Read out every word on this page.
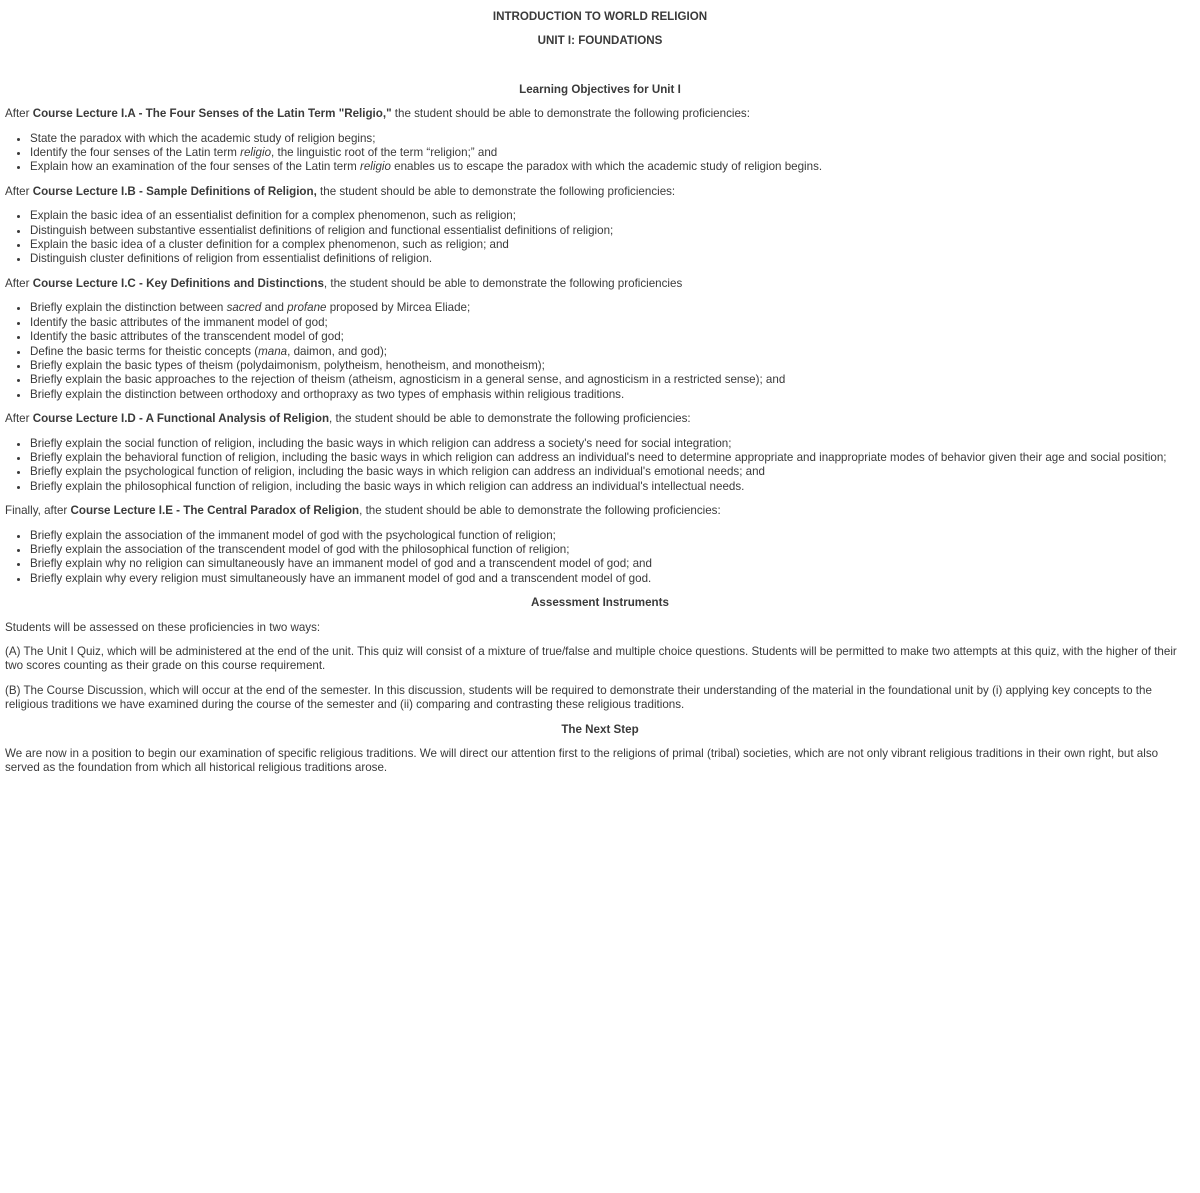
INTRODUCTION TO WORLD RELIGION

UNIT I: FOUNDATIONS

Learning Objectives for Unit I

After Course Lecture I.A - The Four Senses of the Latin Term "Religio," the student should be able to demonstrate the following proficiencies:

• State the paradox with which the academic study of religion begins;
• Identify the four senses of the Latin term religio, the linguistic root of the term “religion;” and
• Explain how an examination of the four senses of the Latin term religio enables us to escape the paradox with which the academic study of religion begins.

After Course Lecture I.B - Sample Definitions of Religion, the student should be able to demonstrate the following proficiencies:

• Explain the basic idea of an essentialist definition for a complex phenomenon, such as religion;
• Distinguish between substantive essentialist definitions of religion and functional essentialist definitions of religion;
• Explain the basic idea of a cluster definition for a complex phenomenon, such as religion; and
• Distinguish cluster definitions of religion from essentialist definitions of religion.

After Course Lecture I.C - Key Definitions and Distinctions, the student should be able to demonstrate the following proficiencies

• Briefly explain the distinction between sacred and profane proposed by Mircea Eliade;
• Identify the basic attributes of the immanent model of god;
• Identify the basic attributes of the transcendent model of god;
• Define the basic terms for theistic concepts (mana, daimon, and god);
• Briefly explain the basic types of theism (polydaimonism, polytheism, henotheism, and monotheism);
• Briefly explain the basic approaches to the rejection of theism (atheism, agnosticism in a general sense, and agnosticism in a restricted sense); and
• Briefly explain the distinction between orthodoxy and orthopraxy as two types of emphasis within religious traditions.

After Course Lecture I.D - A Functional Analysis of Religion, the student should be able to demonstrate the following proficiencies:

• Briefly explain the social function of religion, including the basic ways in which religion can address a society's need for social integration;
• Briefly explain the behavioral function of religion, including the basic ways in which religion can address an individual's need to determine appropriate and inappropriate modes of behavior given their age and social position;
• Briefly explain the psychological function of religion, including the basic ways in which religion can address an individual's emotional needs; and
• Briefly explain the philosophical function of religion, including the basic ways in which religion can address an individual's intellectual needs.

Finally, after Course Lecture I.E - The Central Paradox of Religion, the student should be able to demonstrate the following proficiencies:

• Briefly explain the association of the immanent model of god with the psychological function of religion;
• Briefly explain the association of the transcendent model of god with the philosophical function of religion;
• Briefly explain why no religion can simultaneously have an immanent model of god and a transcendent model of god; and
• Briefly explain why every religion must simultaneously have an immanent model of god and a transcendent model of god.

Assessment Instruments

Students will be assessed on these proficiencies in two ways:

(A) The Unit I Quiz, which will be administered at the end of the unit. This quiz will consist of a mixture of true/false and multiple choice questions. Students will be permitted to make two attempts at this quiz, with the higher of their two scores counting as their grade on this course requirement.

(B) The Course Discussion, which will occur at the end of the semester. In this discussion, students will be required to demonstrate their understanding of the material in the foundational unit by (i) applying key concepts to the religious traditions we have examined during the course of the semester and (ii) comparing and contrasting these religious traditions.

The Next Step

We are now in a position to begin our examination of specific religious traditions. We will direct our attention first to the religions of primal (tribal) societies, which are not only vibrant religious traditions in their own right, but also served as the foundation from which all historical religious traditions arose.
